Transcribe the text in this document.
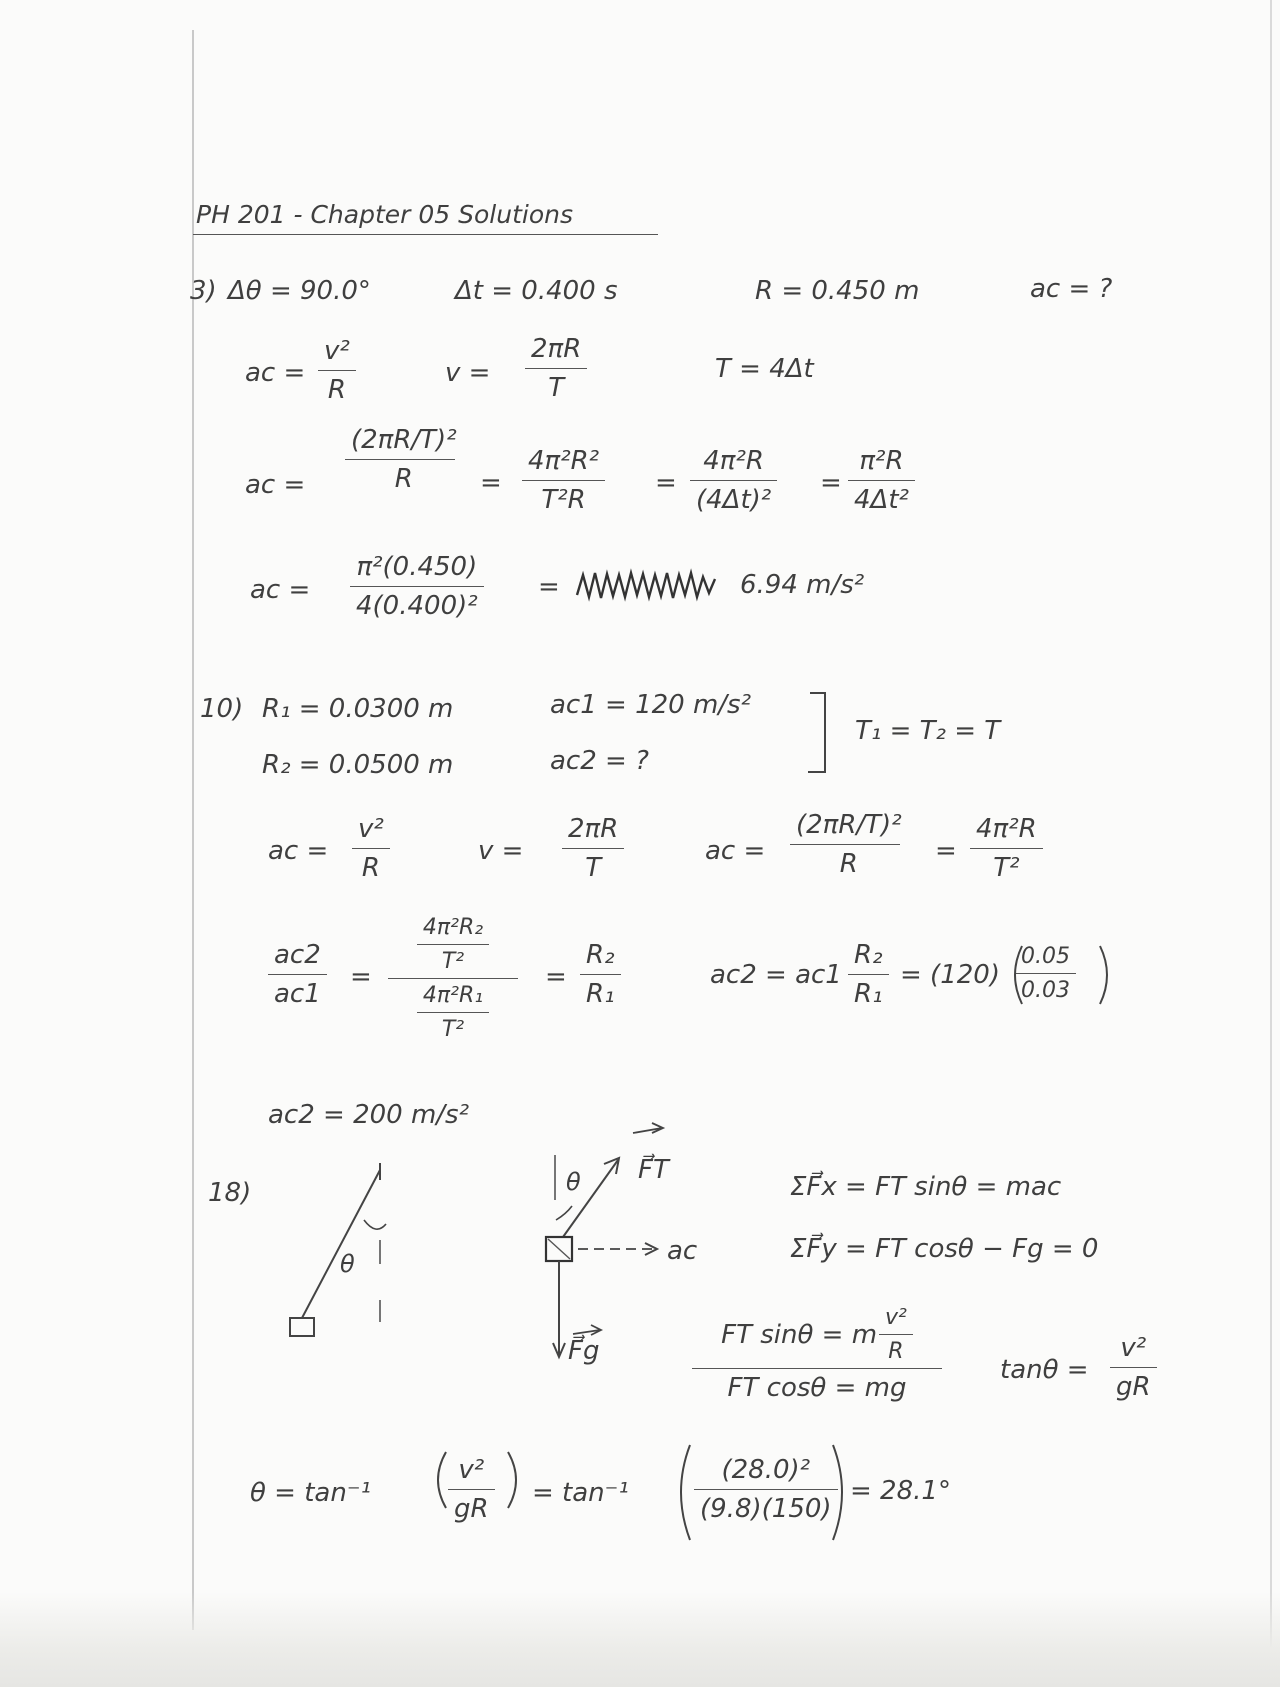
PH 201 - Chapter 05 Solutions
3) Δθ = 90.0°	Δt = 0.400 s	R = 0.450 m	ac = ?
ac =
v²
R
v =
2πR
T
T = 4Δt
ac =
(2πR/T)²
R	=
4π²R²
T²R
=
4π²R
(4Δt)²
=
π²R
4Δt²
ac =
π²(0.450)
4(0.400)²
=	6.94 m/s²
10) R₁ = 0.0300 m
R₂ = 0.0500 m
ac1 = 120 m/s²
ac2 = ?
T₁ = T₂ = T
ac =
v²
R
v =
2πR
T
ac =
(2πR/T)²
R	=
4π²R
T²
ac2
ac1
=
$\frac{\text{4π²R₂}}{\text{T²}}$
$\frac{\text{4π²R₁}}{\text{T²}}$
=
R₂
R₁
ac2 = ac1
R₂
R₁
= (120)
0.05
0.03
ac2 = 200 m/s²
18)
θ
θ F⃗T
ac
F⃗g
ΣF⃗x = FT sinθ = mac
ΣF⃗y = FT cosθ − Fg = 0
FT sinθ = m $\frac{\text{v²}}{R}$
FT cosθ = mg
tanθ =
v²
gR
θ = tan⁻¹
v²
gR
= tan⁻¹
(28.0)²
(9.8)(150)
= 28.1°
